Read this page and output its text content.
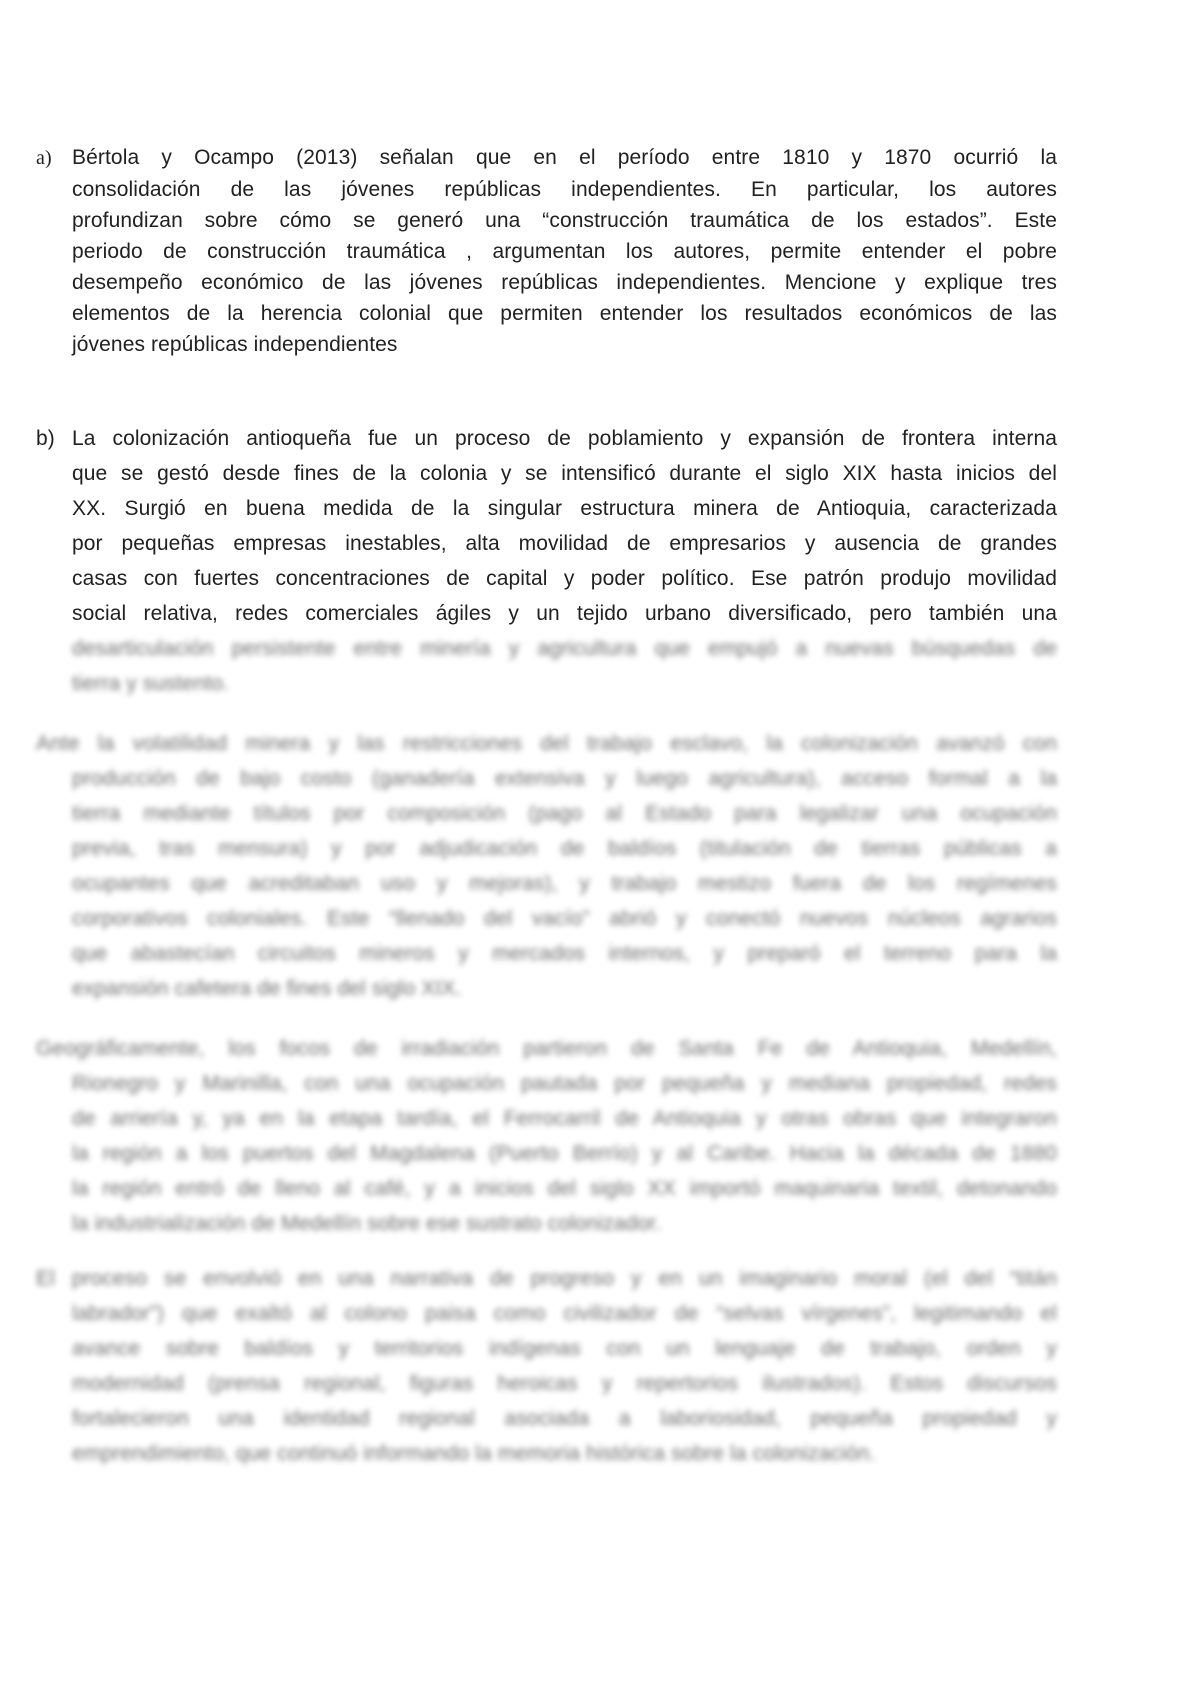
a) Bértola y Ocampo (2013) señalan que en el período entre 1810 y 1870 ocurrió la
consolidación de las jóvenes repúblicas independientes. En particular, los autores
profundizan sobre cómo se generó una “construcción traumática de los estados”. Este
periodo de construcción traumática , argumentan los autores, permite entender el pobre
desempeño económico de las jóvenes repúblicas independientes. Mencione y explique tres
elementos de la herencia colonial que permiten entender los resultados económicos de las
jóvenes repúblicas independientes
b) La colonización antioqueña fue un proceso de poblamiento y expansión de frontera interna
que se gestó desde fines de la colonia y se intensificó durante el siglo XIX hasta inicios del
XX. Surgió en buena medida de la singular estructura minera de Antioquia, caracterizada
por pequeñas empresas inestables, alta movilidad de empresarios y ausencia de grandes
casas con fuertes concentraciones de capital y poder político. Ese patrón produjo movilidad
social relativa, redes comerciales ágiles y un tejido urbano diversificado, pero también una
desarticulación persistente entre minería y agricultura que empujó a nuevas búsquedas de
tierra y sustento.
Ante la volatilidad minera y las restricciones del trabajo esclavo, la colonización avanzó con
producción de bajo costo (ganadería extensiva y luego agricultura), acceso formal a la
tierra mediante títulos por composición (pago al Estado para legalizar una ocupación
previa, tras mensura) y por adjudicación de baldíos (titulación de tierras públicas a
ocupantes que acreditaban uso y mejoras), y trabajo mestizo fuera de los regímenes
corporativos coloniales. Este “llenado del vacío” abrió y conectó nuevos núcleos agrarios
que abastecían circuitos mineros y mercados internos, y preparó el terreno para la
expansión cafetera de fines del siglo XIX.
Geográficamente, los focos de irradiación partieron de Santa Fe de Antioquia, Medellín,
Rionegro y Marinilla, con una ocupación pautada por pequeña y mediana propiedad, redes
de arriería y, ya en la etapa tardía, el Ferrocarril de Antioquia y otras obras que integraron
la región a los puertos del Magdalena (Puerto Berrío) y al Caribe. Hacia la década de 1880
la región entró de lleno al café, y a inicios del siglo XX importó maquinaria textil, detonando
la industrialización de Medellín sobre ese sustrato colonizador.
El proceso se envolvió en una narrativa de progreso y en un imaginario moral (el del “titán
labrador”) que exaltó al colono paisa como civilizador de “selvas vírgenes”, legitimando el
avance sobre baldíos y territorios indígenas con un lenguaje de trabajo, orden y
modernidad (prensa regional, figuras heroicas y repertorios ilustrados). Estos discursos
fortalecieron una identidad regional asociada a laboriosidad, pequeña propiedad y
emprendimiento, que continuó informando la memoria histórica sobre la colonización.
